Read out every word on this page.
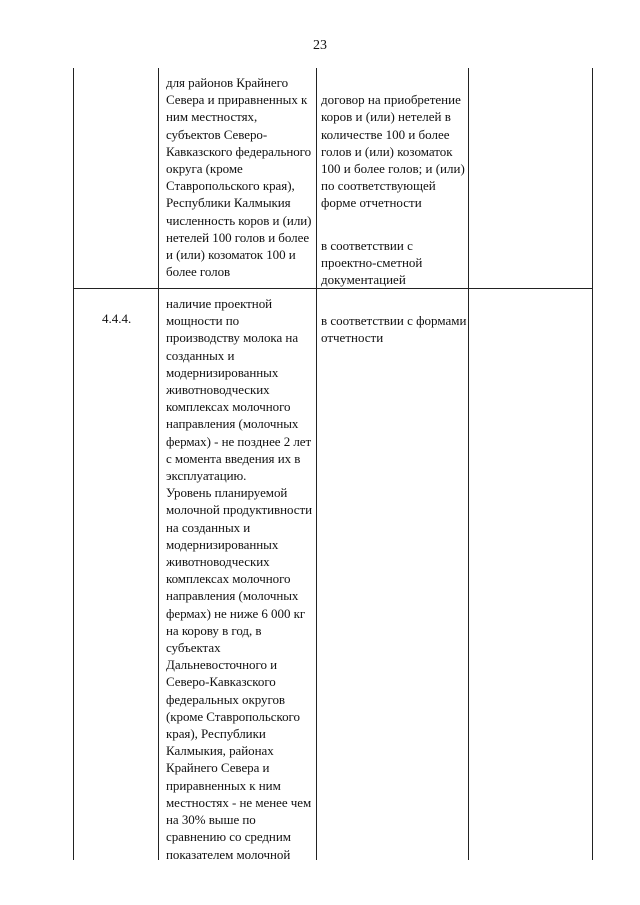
23

для районов Крайнего
Севера и приравненных к
ним местностях,
субъектов Северо-
Кавказского федерального
округа (кроме
Ставропольского края),
Республики Калмыкия
численность коров и (или)
нетелей 100 голов и более
и (или) козоматок 100 и
более голов

договор на приобретение
коров и (или) нетелей в
количестве 100 и более
голов и (или) козоматок
100 и более голов; и (или)
по соответствующей
форме отчетности

в соответствии с
проектно-сметной
документацией

4.4.4.

наличие проектной
мощности по
производству молока на
созданных и
модернизированных
животноводческих
комплексах молочного
направления (молочных
фермах) - не позднее 2 лет
с момента введения их в
эксплуатацию.
Уровень планируемой
молочной продуктивности
на созданных и
модернизированных
животноводческих
комплексах молочного
направления (молочных
фермах) не ниже 6 000 кг
на корову в год, в
субъектах
Дальневосточного и
Северо-Кавказского
федеральных округов
(кроме Ставропольского
края), Республики
Калмыкия, районах
Крайнего Севера и
приравненных к ним
местностях - не менее чем
на 30% выше по
сравнению со средним
показателем молочной

в соответствии с формами
отчетности
